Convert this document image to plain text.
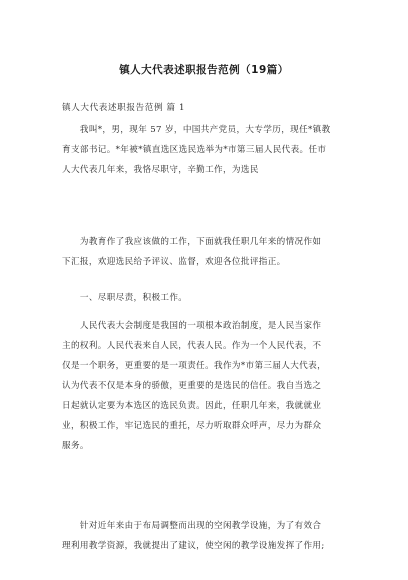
镇人大代表述职报告范例（19篇）
镇人大代表述职报告范例 篇 1
　　我叫*，男，现年 57 岁，中国共产党员，大专学历，现任*镇教
育支部书记。*年被*镇直选区选民选举为*市第三届人民代表。任市
人大代表几年来，我恪尽职守，辛勤工作，为选民
　　为教育作了我应该做的工作，下面就我任职几年来的情况作如
下汇报，欢迎选民给予评议、监督，欢迎各位批评指正。
　　一、尽职尽责，积极工作。
　　人民代表大会制度是我国的一项根本政治制度，是人民当家作
主的权利。人民代表来自人民，代表人民。作为一个人民代表，不
仅是一个职务，更重要的是一项责任。我作为*市第三届人大代表，
认为代表不仅是本身的骄傲，更重要的是选民的信任。我自当选之
日起就认定要为本选区的选民负责。因此，任职几年来，我就就业
业，积极工作，牢记选民的重托，尽力听取群众呼声，尽力为群众
服务。
　　针对近年来由于布局调整而出现的空闲教学设施，为了有效合
理利用教学资源，我就提出了建议，使空闲的教学设施发挥了作用;
